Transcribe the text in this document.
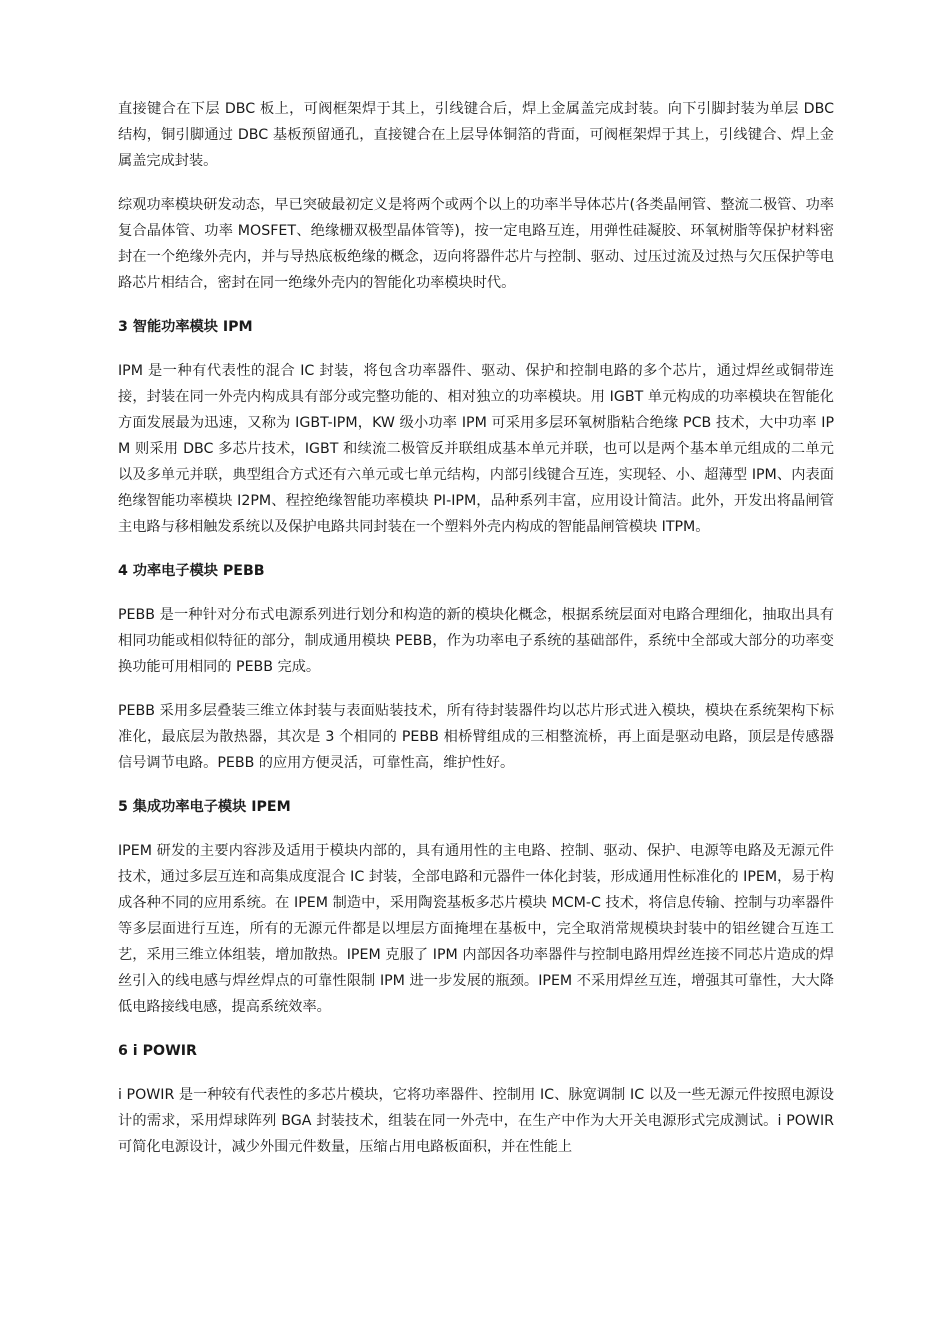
直接键合在下层 DBC 板上，可阀框架焊于其上，引线键合后，焊上金属盖完成封装。向下引脚封装为单层 DBC 结构，铜引脚通过 DBC 基板预留通孔，直接键合在上层导体铜箔的背面，可阀框架焊于其上，引线键合、焊上金属盖完成封装。

综观功率模块研发动态，早已突破最初定义是将两个或两个以上的功率半导体芯片(各类晶闸管、整流二极管、功率复合晶体管、功率 MOSFET、绝缘栅双极型晶体管等)，按一定电路互连，用弹性硅凝胶、环氧树脂等保护材料密封在一个绝缘外壳内，并与导热底板绝缘的概念，迈向将器件芯片与控制、驱动、过压过流及过热与欠压保护等电路芯片相结合，密封在同一绝缘外壳内的智能化功率模块时代。

3 智能功率模块 IPM

IPM 是一种有代表性的混合 IC 封装，将包含功率器件、驱动、保护和控制电路的多个芯片，通过焊丝或铜带连接，封装在同一外壳内构成具有部分或完整功能的、相对独立的功率模块。用 IGBT 单元构成的功率模块在智能化方面发展最为迅速，又称为 IGBT-IPM，KW 级小功率 IPM 可采用多层环氧树脂粘合绝缘 PCB 技术，大中功率 IPM 则采用 DBC 多芯片技术，IGBT 和续流二极管反并联组成基本单元并联，也可以是两个基本单元组成的二单元以及多单元并联，典型组合方式还有六单元或七单元结构，内部引线键合互连，实现轻、小、超薄型 IPM、内表面绝缘智能功率模块 I2PM、程控绝缘智能功率模块 PI-IPM，品种系列丰富，应用设计简洁。此外，开发出将晶闸管主电路与移相触发系统以及保护电路共同封装在一个塑料外壳内构成的智能晶闸管模块 ITPM。

4 功率电子模块 PEBB

PEBB 是一种针对分布式电源系列进行划分和构造的新的模块化概念，根据系统层面对电路合理细化，抽取出具有相同功能或相似特征的部分，制成通用模块 PEBB，作为功率电子系统的基础部件，系统中全部或大部分的功率变换功能可用相同的 PEBB 完成。

PEBB 采用多层叠装三维立体封装与表面贴装技术，所有待封装器件均以芯片形式进入模块，模块在系统架构下标准化，最底层为散热器，其次是 3 个相同的 PEBB 相桥臂组成的三相整流桥，再上面是驱动电路，顶层是传感器信号调节电路。PEBB 的应用方便灵活，可靠性高，维护性好。

5 集成功率电子模块 IPEM

IPEM 研发的主要内容涉及适用于模块内部的，具有通用性的主电路、控制、驱动、保护、电源等电路及无源元件技术，通过多层互连和高集成度混合 IC 封装，全部电路和元器件一体化封装，形成通用性标准化的 IPEM，易于构成各种不同的应用系统。在 IPEM 制造中，采用陶瓷基板多芯片模块 MCM-C 技术，将信息传输、控制与功率器件等多层面进行互连，所有的无源元件都是以埋层方面掩埋在基板中，完全取消常规模块封装中的铝丝键合互连工艺，采用三维立体组装，增加散热。IPEM 克服了 IPM 内部因各功率器件与控制电路用焊丝连接不同芯片造成的焊丝引入的线电感与焊丝焊点的可靠性限制 IPM 进一步发展的瓶颈。IPEM 不采用焊丝互连，增强其可靠性，大大降低电路接线电感，提高系统效率。

6 i POWIR

i POWIR 是一种较有代表性的多芯片模块，它将功率器件、控制用 IC、脉宽调制 IC 以及一些无源元件按照电源设计的需求，采用焊球阵列 BGA 封装技术，组装在同一外壳中，在生产中作为大开关电源形式完成测试。i POWIR 可简化电源设计，减少外围元件数量，压缩占用电路板面积，并在性能上
